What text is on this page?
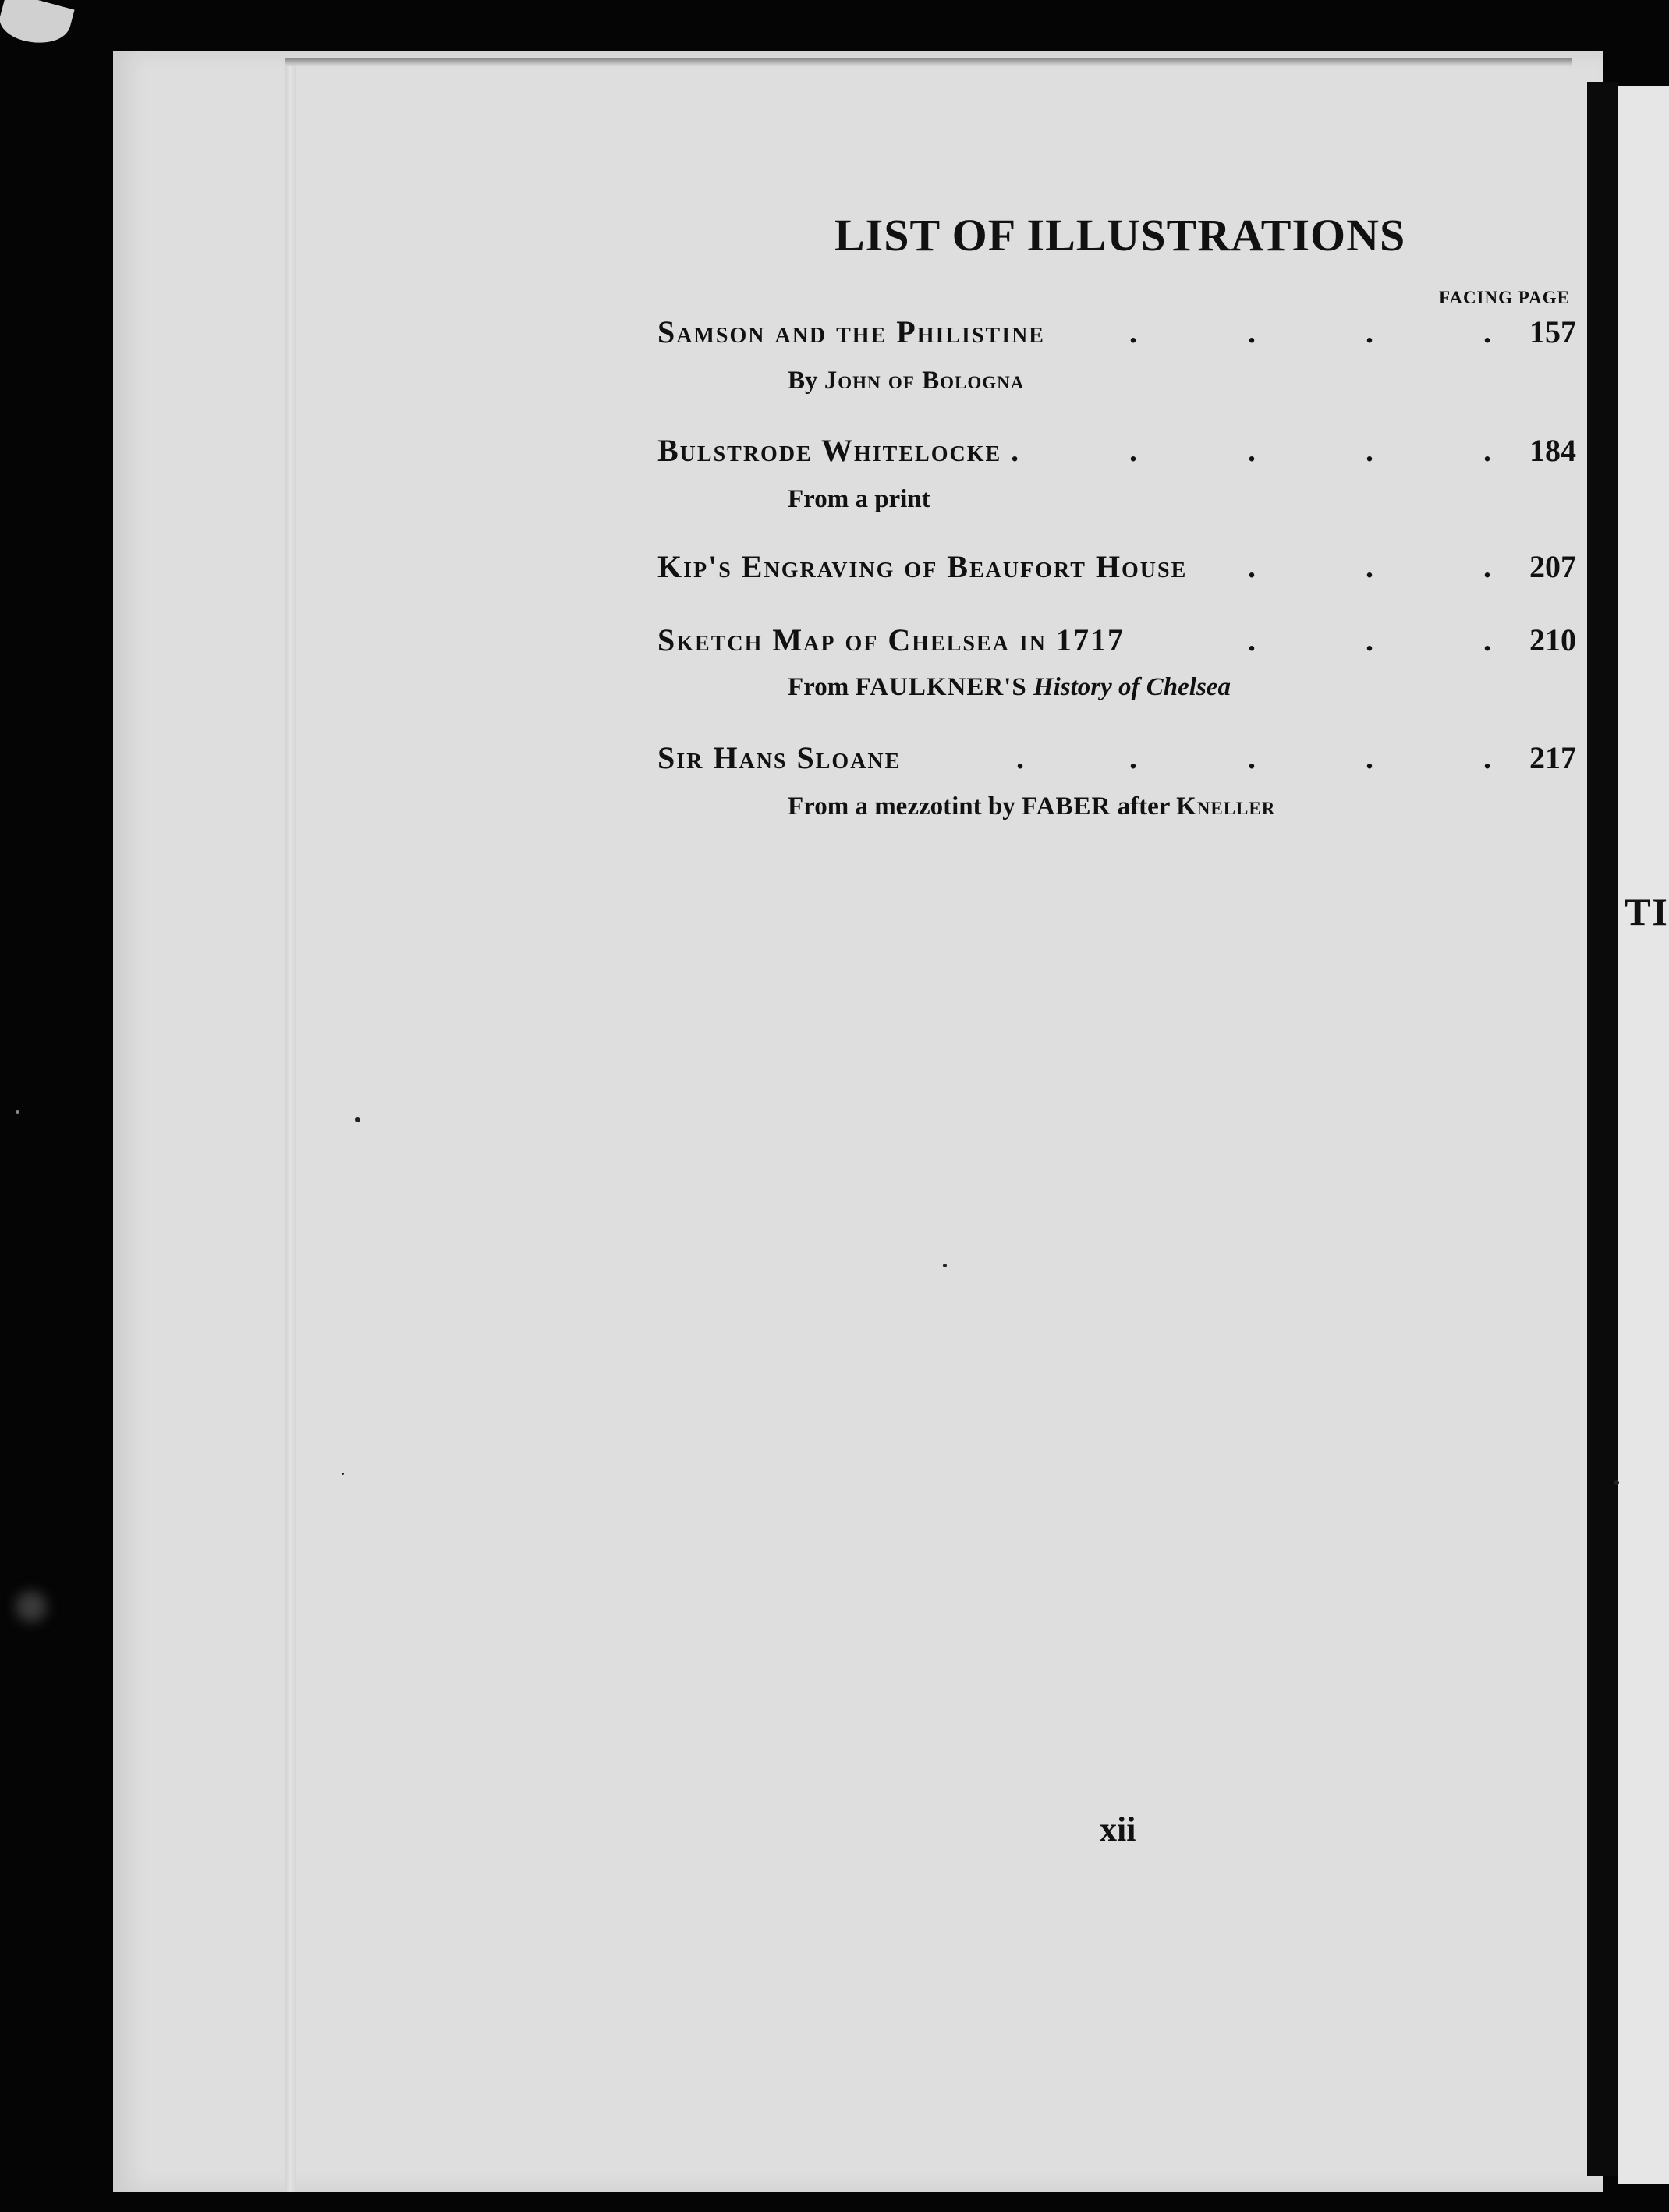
TI
LIST OF ILLUSTRATIONS
FACING PAGE
Samson and the Philistine	.	.	.	. 157
By John of Bologna
Bulstrode Whitelocke .	.	.	.	. 184
From a print
Kip's Engraving of Beaufort House .	.	. 207
Sketch Map of Chelsea in 1717	.	.	. 210
From FAULKNER'S History of Chelsea
Sir Hans Sloane	.	.	.	.	. 217
From a mezzotint by FABER after Kneller
xii
